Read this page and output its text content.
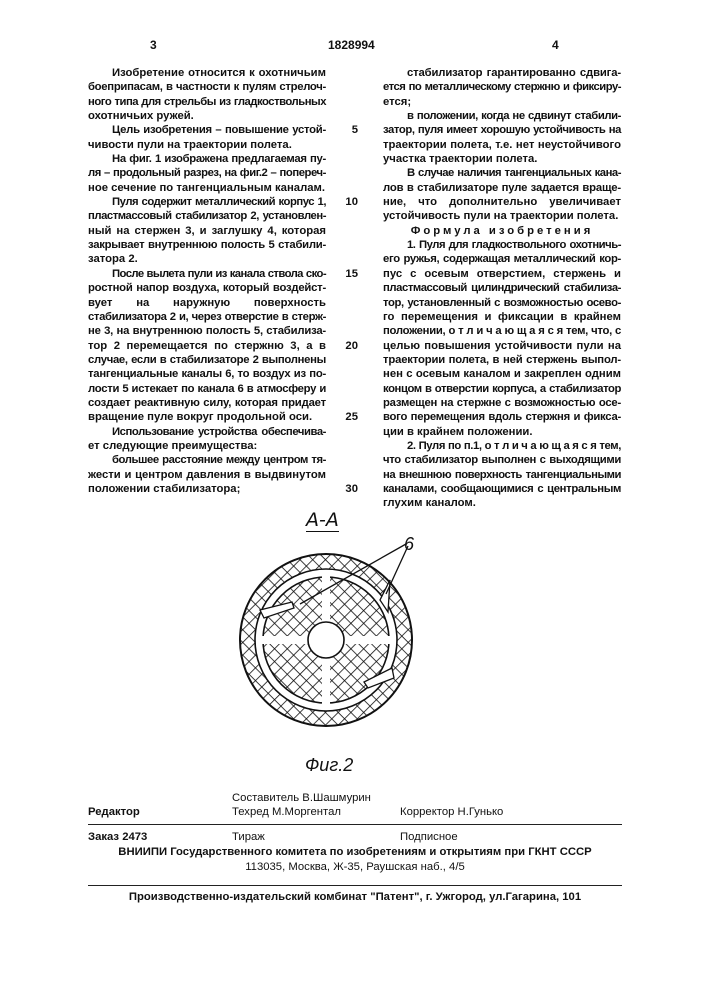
3	1828994	4
Изобретение относится к охотничьим
боеприпасам, в частности к пулям стрелоч-
ного типа для стрельбы из гладкоствольных
охотничьих ружей.
Цель изобретения – повышение устой-
чивости пули на траектории полета.
На фиг. 1 изображена предлагаемая пу-
ля – продольный разрез, на фиг.2 – попереч-
ное сечение по тангенциальным каналам.
Пуля содержит металлический корпус 1,
пластмассовый стабилизатор 2, установлен-
ный на стержен 3, и заглушку 4, которая
закрывает внутреннюю полость 5 стабили-
затора 2.
После вылета пули из канала ствола ско-
ростной напор воздуха, который воздейст-
вует на наружную поверхность
стабилизатора 2 и, через отверстие в стерж-
не 3, на внутреннюю полость 5, стабилиза-
тор 2 перемещается по стержню 3, а в
случае, если в стабилизаторе 2 выполнены
тангенциальные каналы 6, то воздух из по-
лости 5 истекает по канала 6 в атмосферу и
создает реактивную силу, которая придает
вращение пуле вокруг продольной оси.
Использование устройства обеспечива-
ет следующие преимущества:
большее расстояние между центром тя-
жести и центром давления в выдвинутом
положении стабилизатора;
стабилизатор гарантированно сдвига-
ется по металлическому стержню и фиксиру-
ется;
в положении, когда не сдвинут стабили-
затор, пуля имеет хорошую устойчивость на
траектории полета, т.е. нет неустойчивого
участка траектории полета.
В случае наличия тангенциальных кана-
лов в стабилизаторе пуле задается враще-
ние, что дополнительно увеличивает
устойчивость пули на траектории полета.
Формула изобретения
1. Пуля для гладкоствольного охотничь-
его ружья, содержащая металлический кор-
пус с осевым отверстием, стержень и
пластмассовый цилиндрический стабилиза-
тор, установленный с возможностью осево-
го перемещения и фиксации в крайнем
положении, о т л и ч а ю щ а я с я тем, что, с
целью повышения устойчивости пули на
траектории полета, в ней стержень выпол-
нен с осевым каналом и закреплен одним
концом в отверстии корпуса, а стабилизатор
размещен на стержне с возможностью осе-
вого перемещения вдоль стержня и фикса-
ции в крайнем положении.
2. Пуля по п.1, о т л и ч а ю щ а я с я тем,
что стабилизатор выполнен с выходящими
на внешнюю поверхность тангенциальными
каналами, сообщающимися с центральным
глухим каналом.
5
10
15
20
25
30
А-А
6
Фиг.2
Составитель В.Шашмурин
Редактор	Техред М.Моргентал	Корректор Н.Гунько
Заказ 2473	Тираж	Подписное
ВНИИПИ Государственного комитета по изобретениям и открытиям при ГКНТ СССР
113035, Москва, Ж-35, Раушская наб., 4/5
Производственно-издательский комбинат "Патент", г. Ужгород, ул.Гагарина, 101
